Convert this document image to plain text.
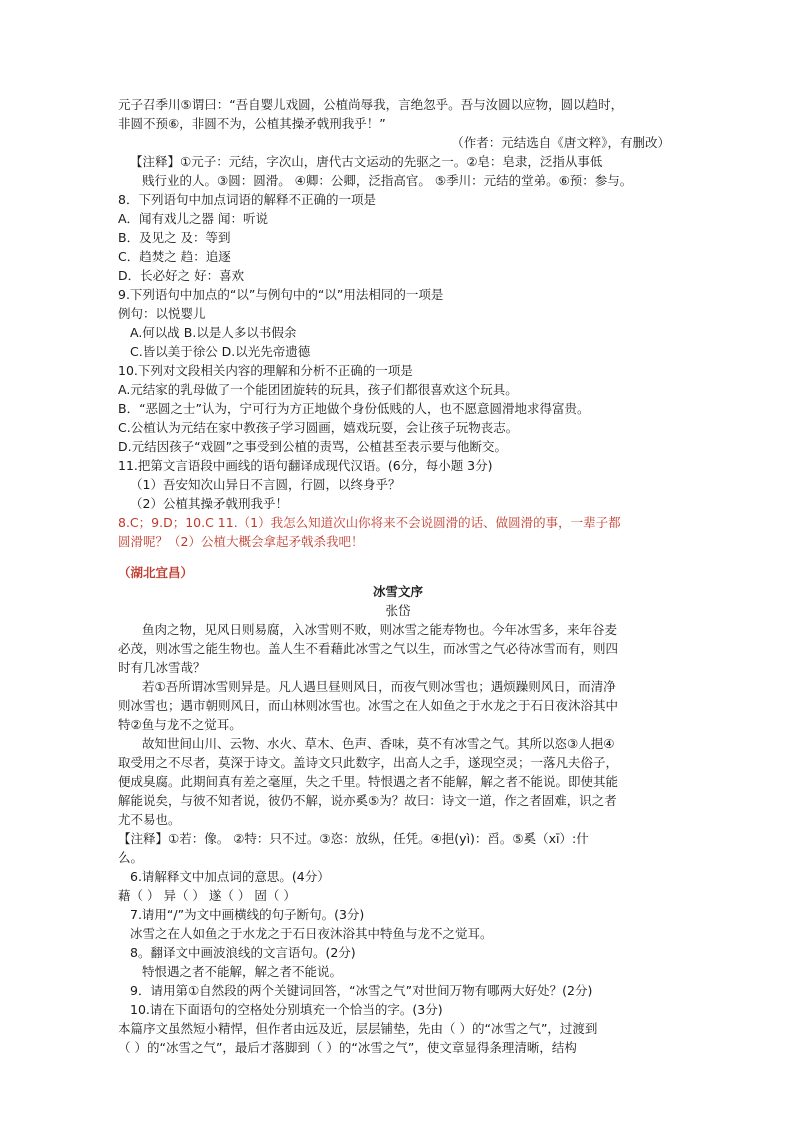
元子召季川⑤谓曰：“吾自婴儿戏圆，公植尚辱我，言绝忽乎。吾与汝圆以应物，圆以趋时，

非圆不预⑥，非圆不为，公植其操矛戟刑我乎！”

（作者：元结选自《唐文粹》，有删改）

【注释】①元子：元结，字次山，唐代古文运动的先驱之一。②皂：皂隶，泛指从事低

贱行业的人。③圆：圆滑。 ④卿：公卿，泛指高官。 ⑤季川：元结的堂弟。⑥预：参与。

8．下列语句中加点词语的解释不正确的一项是

A．闻有戏儿之器 闻：听说

B．及见之 及：等到

C．趋焚之 趋：追逐

D．长必好之 好：喜欢

9.下列语句中加点的“以”与例句中的“以”用法相同的一项是

例句：以悦婴儿

A.何以战 B.以是人多以书假余

C.皆以美于徐公 D.以光先帝遗德

10.下列对文段相关内容的理解和分析不正确的一项是

A.元结家的乳母做了一个能团团旋转的玩具，孩子们都很喜欢这个玩具。

B．“恶圆之士”认为，宁可行为方正地做个身份低贱的人，也不愿意圆滑地求得富贵。

C.公植认为元结在家中教孩子学习圆画，嬉戏玩耍，会让孩子玩物丧志。

D.元结因孩子“戏圆”之事受到公植的责骂，公植甚至表示要与他断交。

11.把第文言语段中画线的语句翻译成现代汉语。(6分，每小题 3分)

（1）吾安知次山异日不言圆，行圆，以终身乎？

（2）公植其操矛戟刑我乎！

8.C；9.D；10.C 11.（1）我怎么知道次山你将来不会说圆滑的话、做圆滑的事，一辈子都

圆滑呢？（2）公植大概会拿起矛戟杀我吧！

（湖北宜昌）

冰雪文序

张岱

鱼肉之物，见风日则易腐，入冰雪则不败，则冰雪之能寿物也。今年冰雪多，来年谷麦

必茂，则冰雪之能生物也。盖人生不看藉此冰雪之气以生，而冰雪之气必待冰雪而有，则四

时有几冰雪哉？

若①吾所谓冰雪则异是。凡人遇旦昼则风日，而夜气则冰雪也；遇烦躁则风日，而清净

则冰雪也；遇市朝则风日，而山林则冰雪也。冰雪之在人如鱼之于水龙之于石日夜沐浴其中

特②鱼与龙不之觉耳。

故知世间山川、云物、水火、草木、色声、香味，莫不有冰雪之气。其所以恣③人挹④

取受用之不尽者，莫深于诗文。盖诗文只此数字，出高人之手，遂现空灵；一落凡夫俗子，

便成臭腐。此期间真有差之毫厘，失之千里。特恨遇之者不能解，解之者不能说。即使其能

解能说矣，与彼不知者说，彼仍不解，说亦奚⑤为？故曰：诗文一道，作之者固难，识之者

尤不易也。

【注释】①若：像。 ②特：只不过。③恣：放纵，任凭。④挹(yì)：舀。⑤奚（xī）:什

么。

6.请解释文中加点词的意思。(4分）

藉（ ） 异（ ） 遂（ ） 固（ ）

7.请用“/”为文中画横线的句子断句。(3分)

冰雪之在人如鱼之于水龙之于石日夜沐浴其中特鱼与龙不之觉耳。

8。翻译文中画波浪线的文言语句。(2分)

特恨遇之者不能解，解之者不能说。

9．请用第①自然段的两个关键词回答，“冰雪之气”对世间万物有哪两大好处？(2分)

10.请在下面语句的空格处分别填充一个恰当的字。(3分)

本篇序文虽然短小精悍，但作者由远及近，层层铺垫，先由（ ）的“冰雪之气”，过渡到

（ ）的“冰雪之气”，最后才落脚到（ ）的“冰雪之气”，使文章显得条理清晰，结构
